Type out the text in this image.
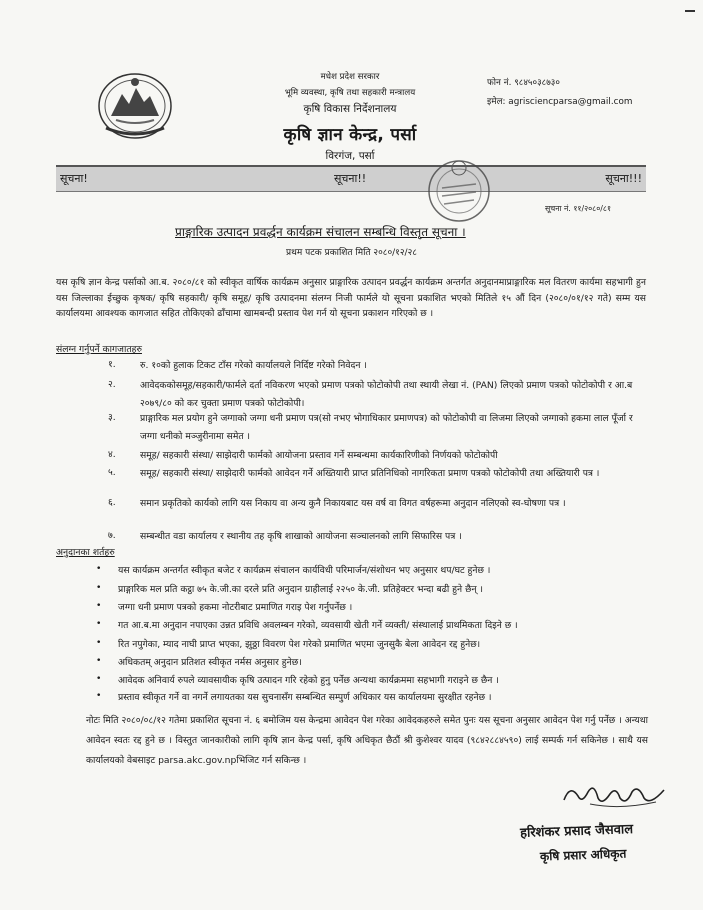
मधेश प्रदेश सरकार
भूमि व्यवस्था, कृषि तथा सहकारी मन्त्रालय
कृषि विकास निर्देशनालय
कृषि ज्ञान केन्द्र, पर्सा
विरगंज, पर्सा
फोन नं. ९८४५०३८७३०
इमेल: agrisciencparsa@gmail.com
सूचना!	सूचना!!	सूचना!!!
सूचना नं. ११/२०८०/८१
प्राङ्गारिक उत्पादन प्रवर्द्धन कार्यक्रम संचालन सम्बन्धि विस्तृत सूचना ।
प्रथम पटक प्रकाशित मिति २०८०/१२/२८
यस कृषि ज्ञान केन्द्र पर्साको आ.ब. २०८०/८१ को स्वीकृत वार्षिक कार्यक्रम अनुसार प्राङ्गारिक उत्पादन प्रवर्द्धन कार्यक्रम अन्तर्गत अनुदानमाप्राङ्गारिक मल वितरण कार्यमा सहभागी हुन यस जिल्लाका ईच्छुक कृषक/ कृषि सहकारी/ कृषि समूह/ कृषि उत्पादनमा संलग्न निजी फार्मले यो सूचना प्रकाशित भएको मितिले १५ औं दिन (२०८०/०१/१२ गते) सम्म यस कार्यालयमा आवश्यक कागजात सहित तोकिएको ढाँचामा खामबन्दी प्रस्ताव पेश गर्न यो सूचना प्रकाशन गरिएको छ ।
संलग्न गर्नुपर्ने कागजातहरु
१.	रु. १०को हुलाक टिकट टाँस गरेको कार्यालयले निर्दिष्ट गरेको निवेदन ।
२.	आवेदककोसमूह/सहकारी/फार्मले दर्ता नविकरण भएको प्रमाण पत्रको फोटोकोपी तथा स्थायी लेखा नं. (PAN) लिएको प्रमाण पत्रको फोटोकोपी र आ.ब २०७९/८० को कर चुक्ता प्रमाण पत्रको फोटोकोपी।
३.	प्राङ्गारिक मल प्रयोग हुने जग्गाको जग्गा धनी प्रमाण पत्र(सो नभए भोगाधिकार प्रमाणपत्र) को फोटोकोपी वा लिजमा लिएको जग्गाको हकमा लाल पूँर्जा र जग्गा धनीको मञ्जुरीनामा समेत ।
४.	समूह/ सहकारी संस्था/ साझेदारी फार्मको आयोजना प्रस्ताव गर्ने सम्बन्धमा कार्यकारिणीको निर्णयको फोटोकोपी
५.	समूह/ सहकारी संस्था/ साझेदारी फार्मको आवेदन गर्ने अख्तियारी प्राप्त प्रतिनिधिको नागरिकता प्रमाण पत्रको फोटोकोपी तथा अख्तियारी पत्र ।
६.	समान प्रकृतिको कार्यको लागि यस निकाय वा अन्य कुनै निकायबाट यस वर्ष वा विगत वर्षहरूमा अनुदान नलिएको स्व-घोषणा पत्र ।
७.	सम्बन्धीत वडा कार्यालय र स्थानीय तह कृषि शाखाको आयोजना सञ्चालनको लागि सिफारिस पत्र ।
अनुदानका शर्तहरु
• यस कार्यक्रम अन्तर्गत स्वीकृत बजेट र कार्यक्रम संचालन कार्यविधी परिमार्जन/संशोधन भए अनुसार थप/घट हुनेछ ।
• प्राङ्गारिक मल प्रति कट्ठा ७५ के.जी.का दरले प्रति अनुदान ग्राहीलाई २२५० के.जी. प्रतिहेक्टर भन्दा बढी हुने छैन् ।
• जग्गा धनी प्रमाण पत्रको हकमा नोटरीबाट प्रमाणित गराइ पेश गर्नुपर्नेछ ।
• गत आ.ब.मा अनुदान नपाएका उन्नत प्रविधि अवलम्बन गरेको, व्यवसायी खेती गर्ने व्यक्ती/ संस्थालाई प्राथमिकता दिइने छ ।
• रित नपुगेका, म्याद नाघी प्राप्त भएका, झुठ्ठा विवरण पेश गरेको प्रमाणित भएमा जुनसुकै बेला आवेदन रद्द हुनेछ।
• अधिकतम् अनुदान प्रतिशत स्वीकृत नर्मस अनुसार हुनेछ।
• आवेदक अनिवार्य रुपले व्यावसायीक कृषि उत्पादन गरि रहेको हुनु पर्नेछ अन्यथा कार्यक्रममा सहभागी गराइने छ छैन ।
• प्रस्ताव स्वीकृत गर्ने वा नगर्ने लगायतका यस सुचनासँग सम्बन्धित सम्पुर्ण अधिकार यस कार्यालयमा सुरक्षीत रहनेछ ।
नोटः मिति २०८०/०८/१२ गतेमा प्रकाशित सूचना नं. ६ बमोजिम यस केन्द्रमा आवेदन पेश गरेका आवेदकहरुले समेत पुनः यस सूचना अनुसार आवेदन पेश गर्नु पर्नेछ । अन्यथा आवेदन स्वतः रद्द हुने छ । विस्तुत जानकारीको लागि कृषि ज्ञान केन्द्र पर्सा, कृषि अधिकृत छैठौं श्री कुशेश्वर यादव (९८४२८८४५९०) लाई सम्पर्क गर्न सकिनेछ । साथै यस कार्यालयको वेबसाइट parsa.akc.gov.npभिजिट गर्न सकिन्छ ।
हरिशंकर प्रसाद जैसवाल
कृषि प्रसार अधिकृत
